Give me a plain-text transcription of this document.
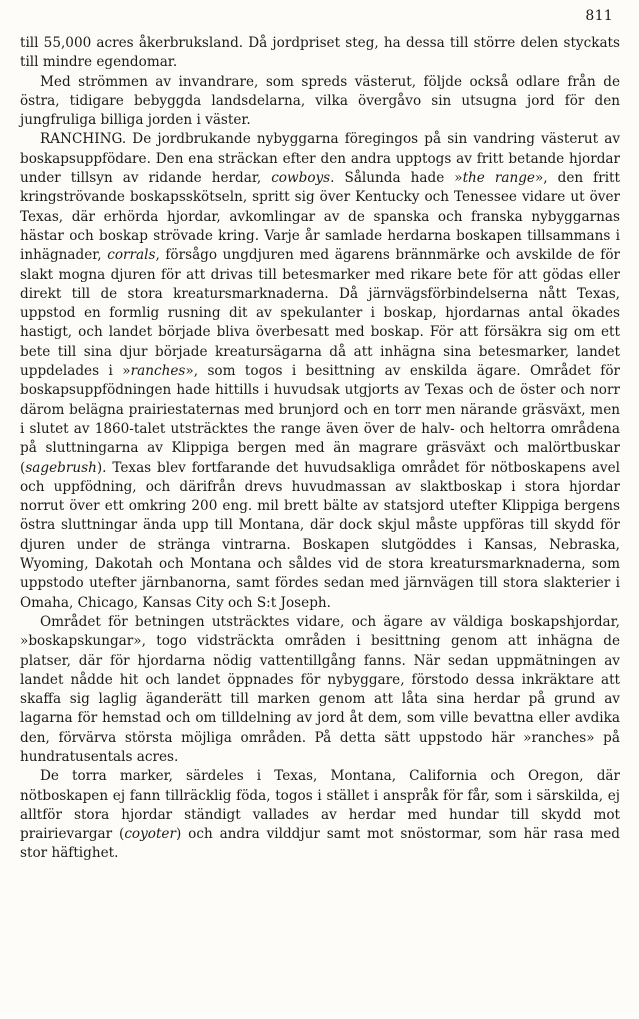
811

till 55,000 acres åkerbruksland. Då jordpriset steg, ha dessa till större delen styckats till mindre egendomar.

Med strömmen av invandrare, som spreds västerut, följde också odlare från de östra, tidigare bebyggda landsdelarna, vilka övergåvo sin utsugna jord för den jungfruliga billiga jorden i väster.

RANCHING. De jordbrukande nybyggarna föregingos på sin vandring västerut av boskapsuppfödare. Den ena sträckan efter den andra upptogs av fritt betande hjordar under tillsyn av ridande herdar, cowboys. Sålunda hade »the range», den fritt kringströvande boskapsskötseln, spritt sig över Kentucky och Tenessee vidare ut över Texas, där erhörda hjordar, avkomlingar av de spanska och franska nybyggarnas hästar och boskap strövade kring. Varje år samlade herdarna boskapen tillsammans i inhägnader, corrals, försågo ungdjuren med ägarens brännmärke och avskilde de för slakt mogna djuren för att drivas till betesmarker med rikare bete för att gödas eller direkt till de stora kreatursmarknaderna. Då järnvägsförbindelserna nått Texas, uppstod en formlig rusning dit av spekulanter i boskap, hjordarnas antal ökades hastigt, och landet började bliva överbesatt med boskap. För att försäkra sig om ett bete till sina djur började kreatursägarna då att inhägna sina betesmarker, landet uppdelades i »ranches», som togos i besittning av enskilda ägare. Området för boskapsuppfödningen hade hittills i huvudsak utgjorts av Texas och de öster och norr därom belägna prairiestaternas med brunjord och en torr men närande gräsväxt, men i slutet av 1860-talet utsträcktes the range även över de halv- och heltorra områdena på sluttningarna av Klippiga bergen med än magrare gräsväxt och malörtbuskar (sagebrush). Texas blev fortfarande det huvudsakliga området för nötboskapens avel och uppfödning, och därifrån drevs huvudmassan av slaktboskap i stora hjordar norrut över ett omkring 200 eng. mil brett bälte av statsjord utefter Klippiga bergens östra sluttningar ända upp till Montana, där dock skjul måste uppföras till skydd för djuren under de stränga vintrarna. Boskapen slutgöddes i Kansas, Nebraska, Wyoming, Dakotah och Montana och såldes vid de stora kreatursmarknaderna, som uppstodo utefter järnbanorna, samt fördes sedan med järnvägen till stora slakterier i Omaha, Chicago, Kansas City och S:t Joseph.

Området för betningen utsträcktes vidare, och ägare av väldiga boskapshjordar, »boskapskungar», togo vidsträckta områden i besittning genom att inhägna de platser, där för hjordarna nödig vattentillgång fanns. När sedan uppmätningen av landet nådde hit och landet öppnades för nybyggare, förstodo dessa inkräktare att skaffa sig laglig äganderätt till marken genom att låta sina herdar på grund av lagarna för hemstad och om tilldelning av jord åt dem, som ville bevattna eller avdika den, förvärva största möjliga områden. På detta sätt uppstodo här »ranches» på hundratusentals acres.

De torra marker, särdeles i Texas, Montana, California och Oregon, där nötboskapen ej fann tillräcklig föda, togos i stället i anspråk för får, som i särskilda, ej alltför stora hjordar ständigt vallades av herdar med hundar till skydd mot prairievargar (coyoter) och andra vilddjur samt mot snöstormar, som här rasa med stor häftighet.
